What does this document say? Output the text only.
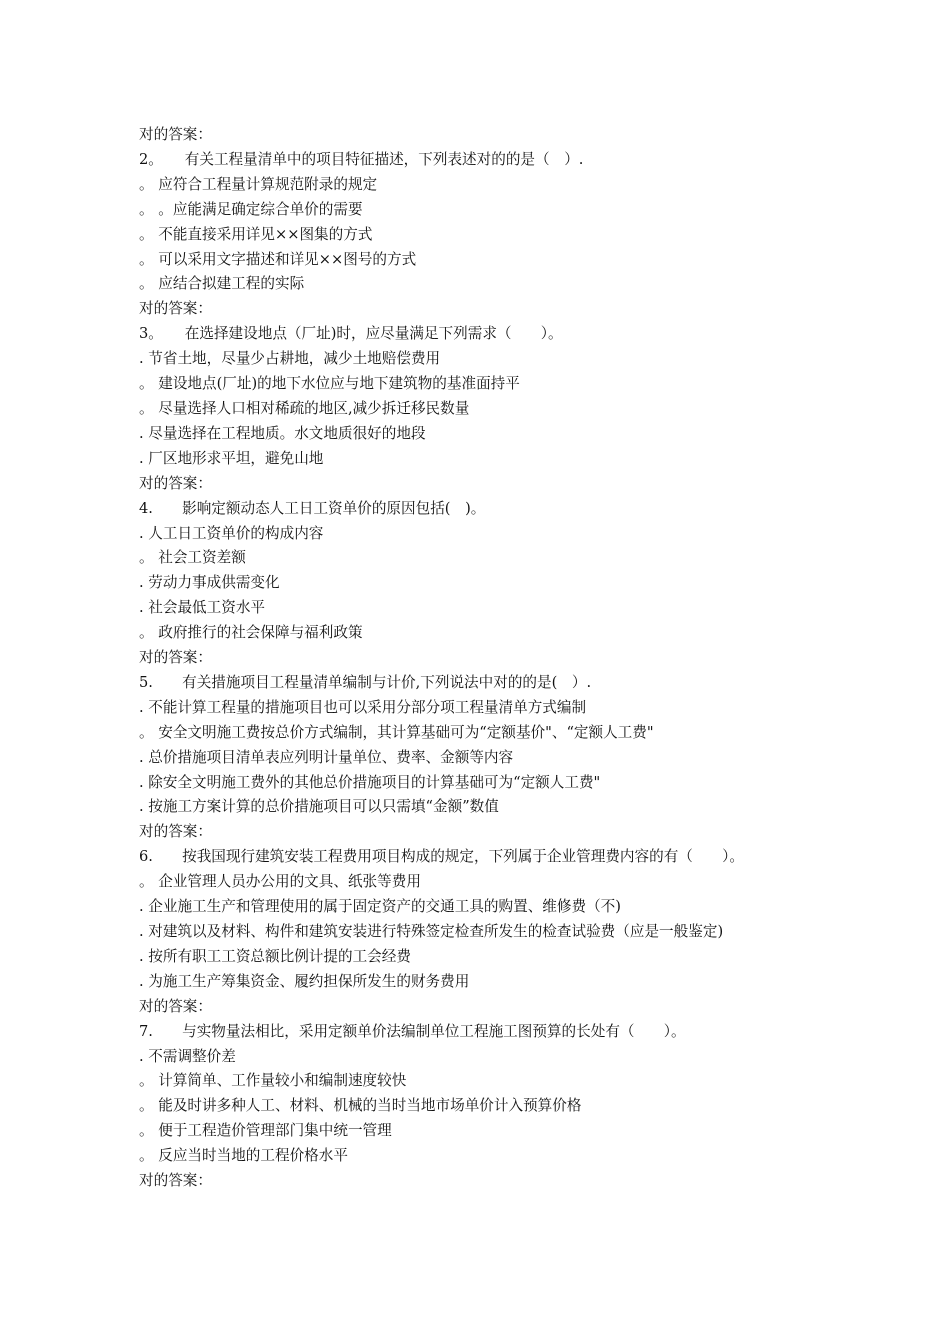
对的答案：
2。　　有关工程量清单中的项目特征描述，下列表述对的的是（　）.
。 应符合工程量计算规范附录的规定
。 。应能满足确定综合单价的需要
。 不能直接采用详见××图集的方式
。 可以采用文字描述和详见××图号的方式
。 应结合拟建工程的实际
对的答案：
3。　　在选择建设地点（厂址)时，应尽量满足下列需求（　　）。
. 节省土地，尽量少占耕地，减少土地赔偿费用
。 建设地点(厂址)的地下水位应与地下建筑物的基准面持平
。 尽量选择人口相对稀疏的地区,减少拆迁移民数量
. 尽量选择在工程地质。水文地质很好的地段
. 厂区地形求平坦，避免山地
对的答案：
4.　　影响定额动态人工日工资单价的原因包括(　)。
. 人工日工资单价的构成内容
。 社会工资差额
. 劳动力事成供需变化
. 社会最低工资水平
。 政府推行的社会保障与福利政策
对的答案：
5.　　有关措施项目工程量清单编制与计价,下列说法中对的的是(　）.
. 不能计算工程量的措施项目也可以采用分部分项工程量清单方式编制
。 安全文明施工费按总价方式编制，其计算基础可为“定额基价"、“定额人工费"
. 总价措施项目清单表应列明计量单位、费率、金额等内容
. 除安全文明施工费外的其他总价措施项目的计算基础可为“定额人工费"
. 按施工方案计算的总价措施项目可以只需填“金额”数值
对的答案：
6.　　按我国现行建筑安装工程费用项目构成的规定，下列属于企业管理费内容的有（　　）。
。 企业管理人员办公用的文具、纸张等费用
. 企业施工生产和管理使用的属于固定资产的交通工具的购置、维修费（不)
. 对建筑以及材料、构件和建筑安装进行特殊签定检查所发生的检查试验费（应是一般鉴定)
. 按所有职工工资总额比例计提的工会经费
. 为施工生产筹集资金、履约担保所发生的财务费用
对的答案：
7.　　与实物量法相比，采用定额单价法编制单位工程施工图预算的长处有（　　）。
. 不需调整价差
。 计算简单、工作量较小和编制速度较快
。 能及时讲多种人工、材料、机械的当时当地市场单价计入预算价格
。 便于工程造价管理部门集中统一管理
。 反应当时当地的工程价格水平
对的答案：
